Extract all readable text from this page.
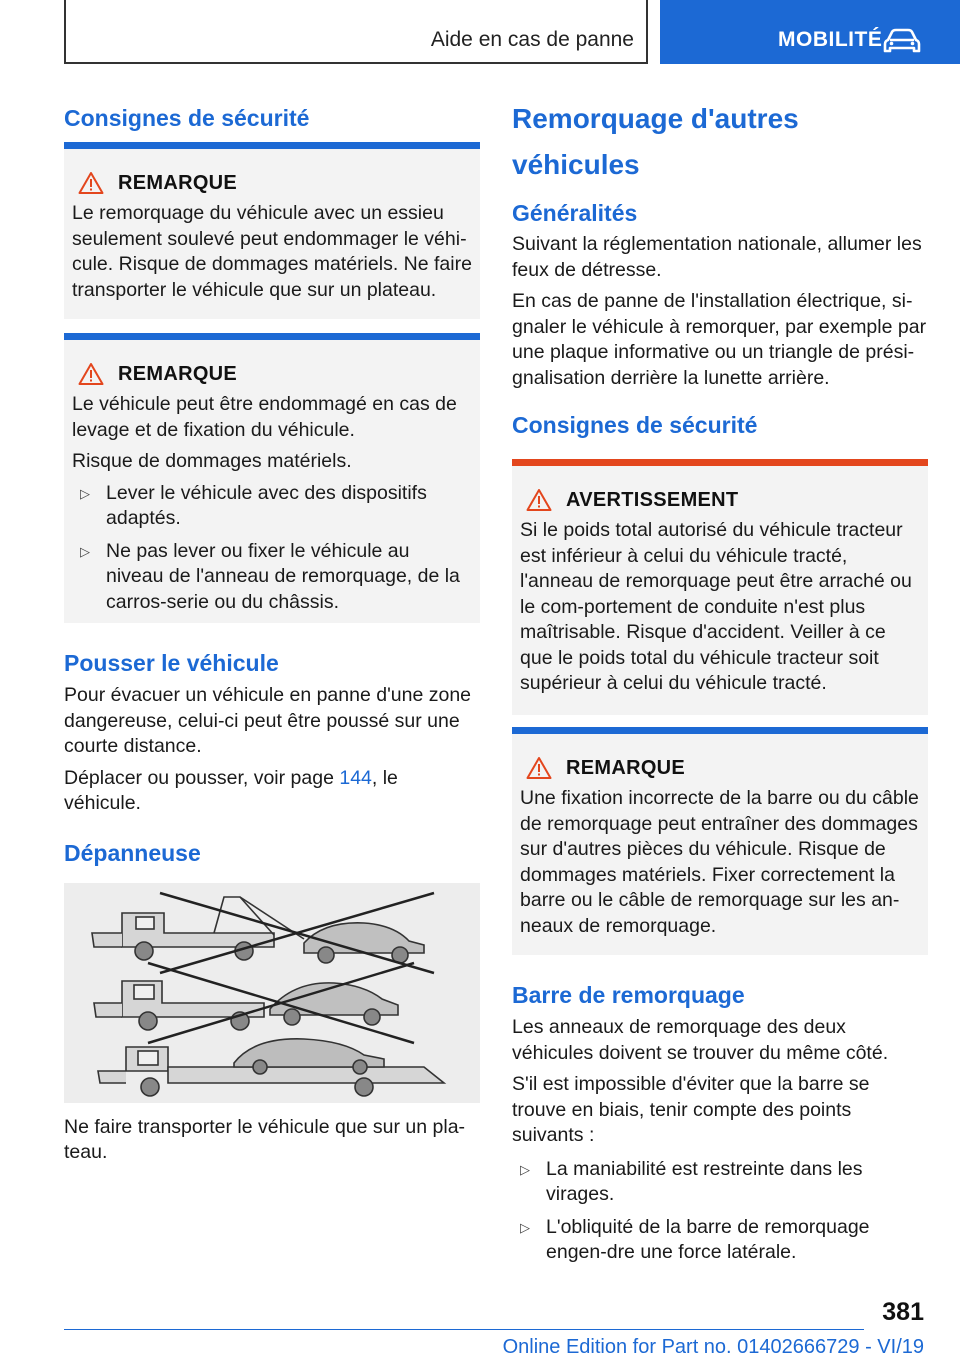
Aide en cas de panne	MOBILITÉ
Consignes de sécurité
REMARQUE

Le remorquage du véhicule avec un essieu seulement soulevé peut endommager le véhi-cule. Risque de dommages matériels. Ne faire transporter le véhicule que sur un plateau.

REMARQUE

Le véhicule peut être endommagé en cas de levage et de fixation du véhicule.

Risque de dommages matériels.

▷ Lever le véhicule avec des dispositifs adaptés.
▷ Ne pas lever ou fixer le véhicule au niveau de l'anneau de remorquage, de la carros-serie ou du châssis.
Pousser le véhicule

Pour évacuer un véhicule en panne d'une zone dangereuse, celui-ci peut être poussé sur une courte distance.

Déplacer ou pousser, voir page 144, le véhicule.

Dépanneuse

Ne faire transporter le véhicule que sur un pla-teau.

Remorquage d'autres véhicules
Généralités

Suivant la réglementation nationale, allumer les feux de détresse.

En cas de panne de l'installation électrique, si-gnaler le véhicule à remorquer, par exemple par une plaque informative ou un triangle de prési-gnalisation derrière la lunette arrière.

Consignes de sécurité
AVERTISSEMENT

Si le poids total autorisé du véhicule tracteur est inférieur à celui du véhicule tracté, l'anneau de remorquage peut être arraché ou le com-portement de conduite n'est plus maîtrisable. Risque d'accident. Veiller à ce que le poids total du véhicule tracteur soit supérieur à celui du véhicule tracté.

REMARQUE

Une fixation incorrecte de la barre ou du câble de remorquage peut entraîner des dommages sur d'autres pièces du véhicule. Risque de dommages matériels. Fixer correctement la barre ou le câble de remorquage sur les an-neaux de remorquage.

Barre de remorquage

Les anneaux de remorquage des deux véhicules doivent se trouver du même côté.

S'il est impossible d'éviter que la barre se trouve en biais, tenir compte des points suivants :

▷ La maniabilité est restreinte dans les virages.
▷ L'obliquité de la barre de remorquage engen-dre une force latérale.
381
Online Edition for Part no. 01402666729 - VI/19
